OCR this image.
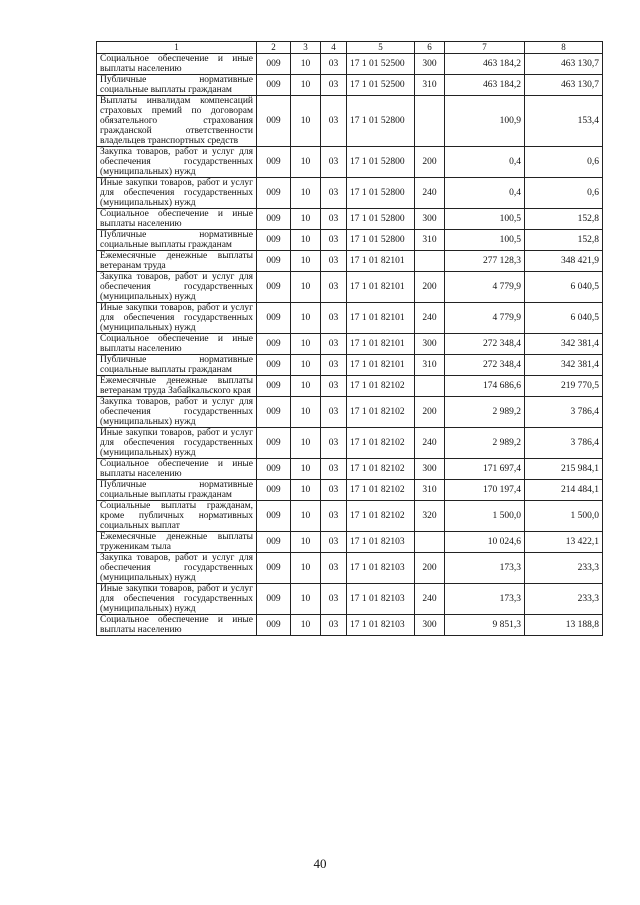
1	2	3	4	5	6	7	8
Социальное обеспечение и иные выплаты населению	009	10	03	17 1 01 52500	300	463 184,2	463 130,7
Публичные нормативные социальные выплаты гражданам	009	10	03	17 1 01 52500	310	463 184,2	463 130,7
Выплаты инвалидам компенсаций страховых премий по договорам обязательного страхования гражданской ответственности владельцев транспортных средств	009	10	03	17 1 01 52800		100,9	153,4
Закупка товаров, работ и услуг для обеспечения государственных (муниципальных) нужд	009	10	03	17 1 01 52800	200	0,4	0,6
Иные закупки товаров, работ и услуг для обеспечения государственных (муниципальных) нужд	009	10	03	17 1 01 52800	240	0,4	0,6
Социальное обеспечение и иные выплаты населению	009	10	03	17 1 01 52800	300	100,5	152,8
Публичные нормативные социальные выплаты гражданам	009	10	03	17 1 01 52800	310	100,5	152,8
Ежемесячные денежные выплаты ветеранам труда	009	10	03	17 1 01 82101		277 128,3	348 421,9
Закупка товаров, работ и услуг для обеспечения государственных (муниципальных) нужд	009	10	03	17 1 01 82101	200	4 779,9	6 040,5
Иные закупки товаров, работ и услуг для обеспечения государственных (муниципальных) нужд	009	10	03	17 1 01 82101	240	4 779,9	6 040,5
Социальное обеспечение и иные выплаты населению	009	10	03	17 1 01 82101	300	272 348,4	342 381,4
Публичные нормативные социальные выплаты гражданам	009	10	03	17 1 01 82101	310	272 348,4	342 381,4
Ежемесячные денежные выплаты ветеранам труда Забайкальского края	009	10	03	17 1 01 82102		174 686,6	219 770,5
Закупка товаров, работ и услуг для обеспечения государственных (муниципальных) нужд	009	10	03	17 1 01 82102	200	2 989,2	3 786,4
Иные закупки товаров, работ и услуг для обеспечения государственных (муниципальных) нужд	009	10	03	17 1 01 82102	240	2 989,2	3 786,4
Социальное обеспечение и иные выплаты населению	009	10	03	17 1 01 82102	300	171 697,4	215 984,1
Публичные нормативные социальные выплаты гражданам	009	10	03	17 1 01 82102	310	170 197,4	214 484,1
Социальные выплаты гражданам, кроме публичных нормативных социальных выплат	009	10	03	17 1 01 82102	320	1 500,0	1 500,0
Ежемесячные денежные выплаты труженикам тыла	009	10	03	17 1 01 82103		10 024,6	13 422,1
Закупка товаров, работ и услуг для обеспечения государственных (муниципальных) нужд	009	10	03	17 1 01 82103	200	173,3	233,3
Иные закупки товаров, работ и услуг для обеспечения государственных (муниципальных) нужд	009	10	03	17 1 01 82103	240	173,3	233,3
Социальное обеспечение и иные выплаты населению	009	10	03	17 1 01 82103	300	9 851,3	13 188,8
40
